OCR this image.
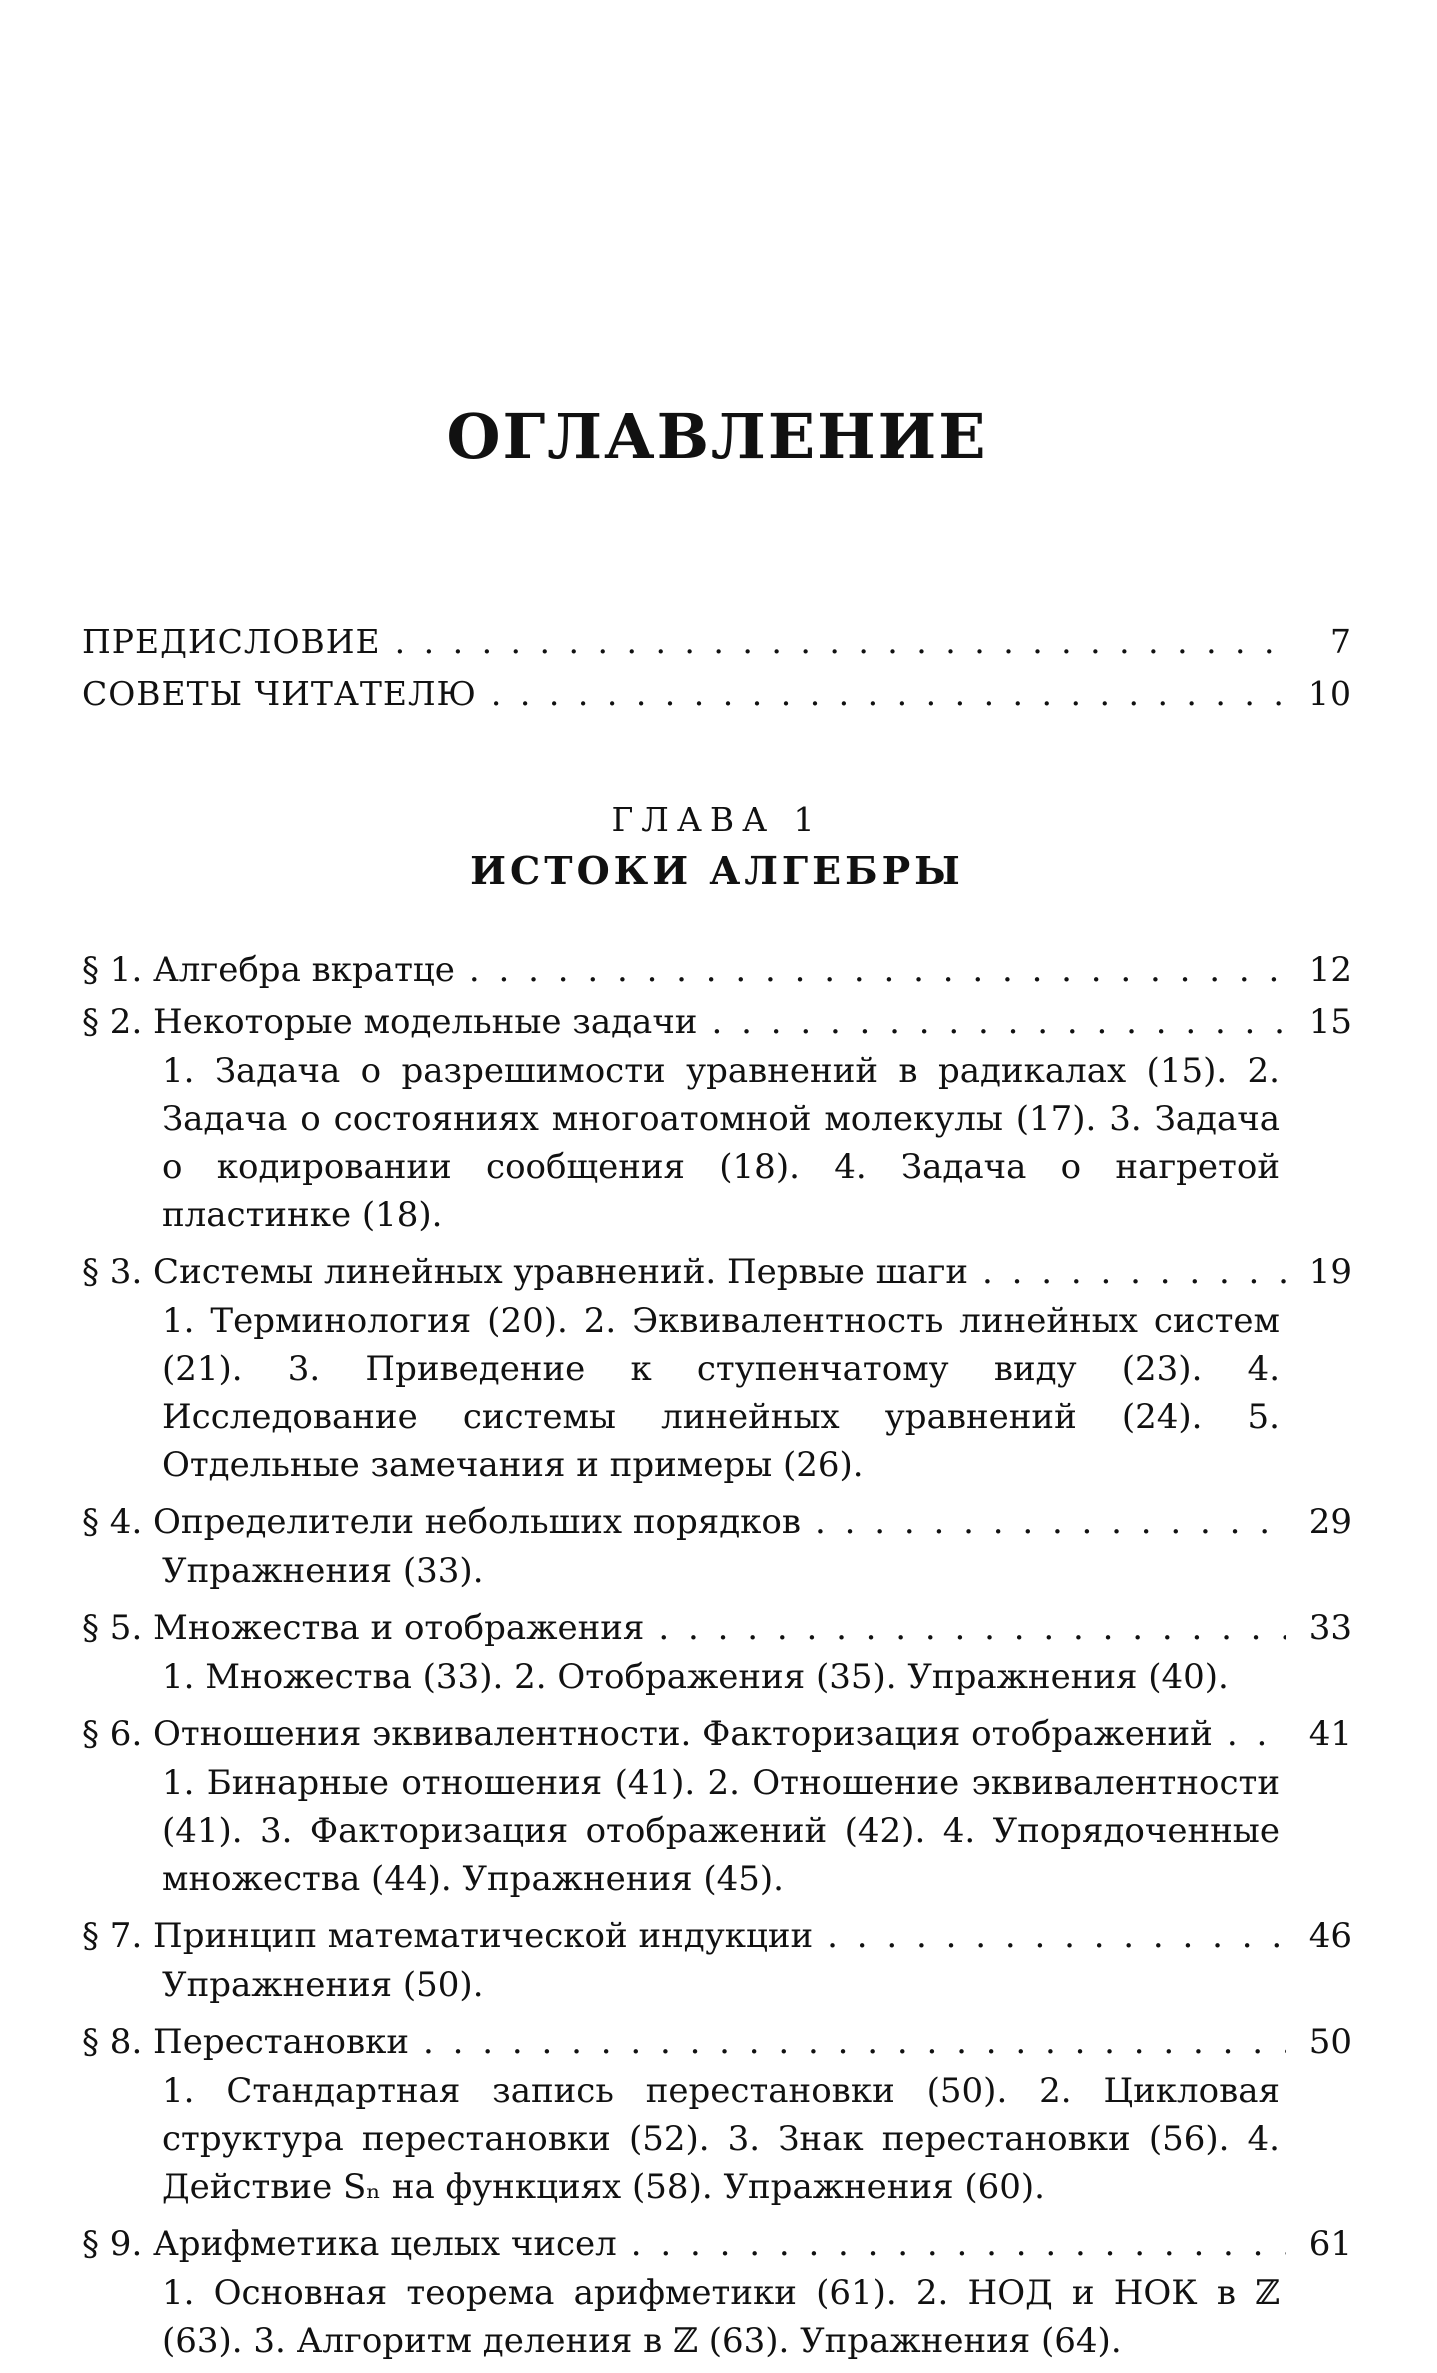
ОГЛАВЛЕНИЕ
ПРЕДИСЛОВИЕ . . .	7
СОВЕТЫ ЧИТАТЕЛЮ . . .	10
ГЛАВА 1
ИСТОКИ АЛГЕБРЫ
§ 1. Алгебра вкратце . . .	12
§ 2. Некоторые модельные задачи . . .	15
1. Задача о разрешимости уравнений в радикалах (15). 2. Задача о состояниях многоатомной молекулы (17). 3. Задача о кодировании сообщения (18). 4. Задача о нагретой пластинке (18).
§ 3. Системы линейных уравнений. Первые шаги . . .	19
1. Терминология (20). 2. Эквивалентность линейных систем (21). 3. Приведение к ступенчатому виду (23). 4. Исследование системы линейных уравнений (24). 5. Отдельные замечания и примеры (26).
§ 4. Определители небольших порядков . . .	29
Упражнения (33).
§ 5. Множества и отображения . . .	33
1. Множества (33). 2. Отображения (35). Упражнения (40).
§ 6. Отношения эквивалентности. Факторизация отображений . . .	41
1. Бинарные отношения (41). 2. Отношение эквивалентности (41). 3. Факторизация отображений (42). 4. Упорядоченные множества (44). Упражнения (45).
§ 7. Принцип математической индукции . . .	46
Упражнения (50).
§ 8. Перестановки . . .	50
1. Стандартная запись перестановки (50). 2. Цикловая структура перестановки (52). 3. Знак перестановки (56). 4. Действие Sₙ на функциях (58). Упражнения (60).
§ 9. Арифметика целых чисел . . .	61
1. Основная теорема арифметики (61). 2. НОД и НОК в ℤ (63). 3. Алгоритм деления в ℤ (63). Упражнения (64).
